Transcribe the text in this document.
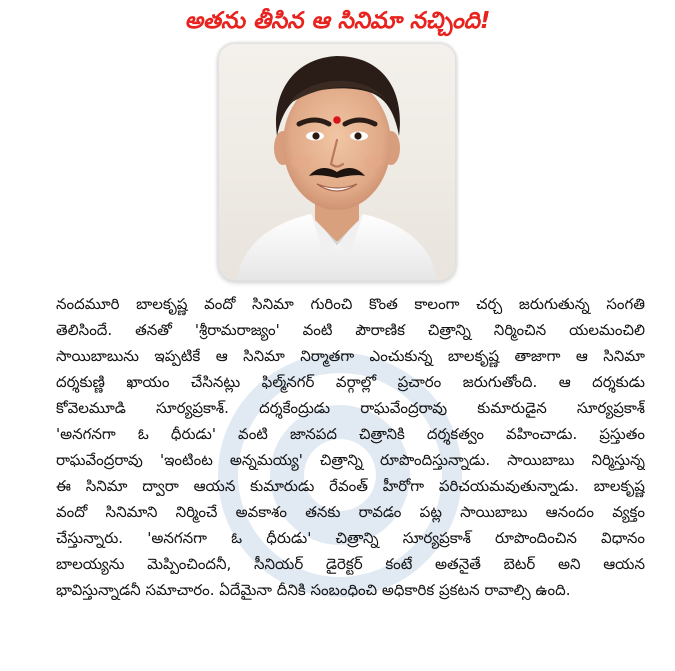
అతను తీసిన ఆ సినిమా నచ్చింది!
నందమూరి బాలకృష్ణ వందో సినిమా గురించి కొంత కాలంగా చర్చ జరుగుతున్న సంగతి
తెలిసిందే. తనతో 'శ్రీరామరాజ్యం' వంటి పౌరాణిక చిత్రాన్ని నిర్మించిన యలమంచిలి
సాయిబాబును ఇప్పటికే ఆ సినిమా నిర్మాతగా ఎంచుకున్న బాలకృష్ణ తాజాగా ఆ సినిమా
దర్శకుణ్ణి ఖాయం చేసినట్లు ఫిల్మ్‌నగర్ వర్గాల్లో ప్రచారం జరుగుతోంది. ఆ దర్శకుడు
కోవెలమూడి సూర్యప్రకాశ్. దర్శకేంద్రుడు రాఘవేంద్రరావు కుమారుడైన సూర్యప్రకాశ్
'అనగనగా ఓ ధీరుడు' వంటి జానపద చిత్రానికి దర్శకత్వం వహించాడు. ప్రస్తుతం
రాఘవేంద్రరావు 'ఇంటింట అన్నమయ్య' చిత్రాన్ని రూపొందిస్తున్నాడు. సాయిబాబు నిర్మిస్తున్న
ఈ సినిమా ద్వారా ఆయన కుమారుడు రేవంత్ హీరోగా పరిచయమవుతున్నాడు. బాలకృష్ణ
వందో సినిమాని నిర్మించే అవకాశం తనకు రావడం పట్ల సాయిబాబు ఆనందం వ్యక్తం
చేస్తున్నారు. 'అనగనగా ఓ ధీరుడు' చిత్రాన్ని సూర్యప్రకాశ్ రూపొందించిన విధానం
బాలయ్యను మెప్పించిందనీ, సీనియర్ డైరెక్టర్ కంటే అతనైతే బెటర్ అని ఆయన
భావిస్తున్నాడనీ సమాచారం. ఏదేమైనా దీనికి సంబంధించి అధికారిక ప్రకటన రావాల్సి ఉంది.
